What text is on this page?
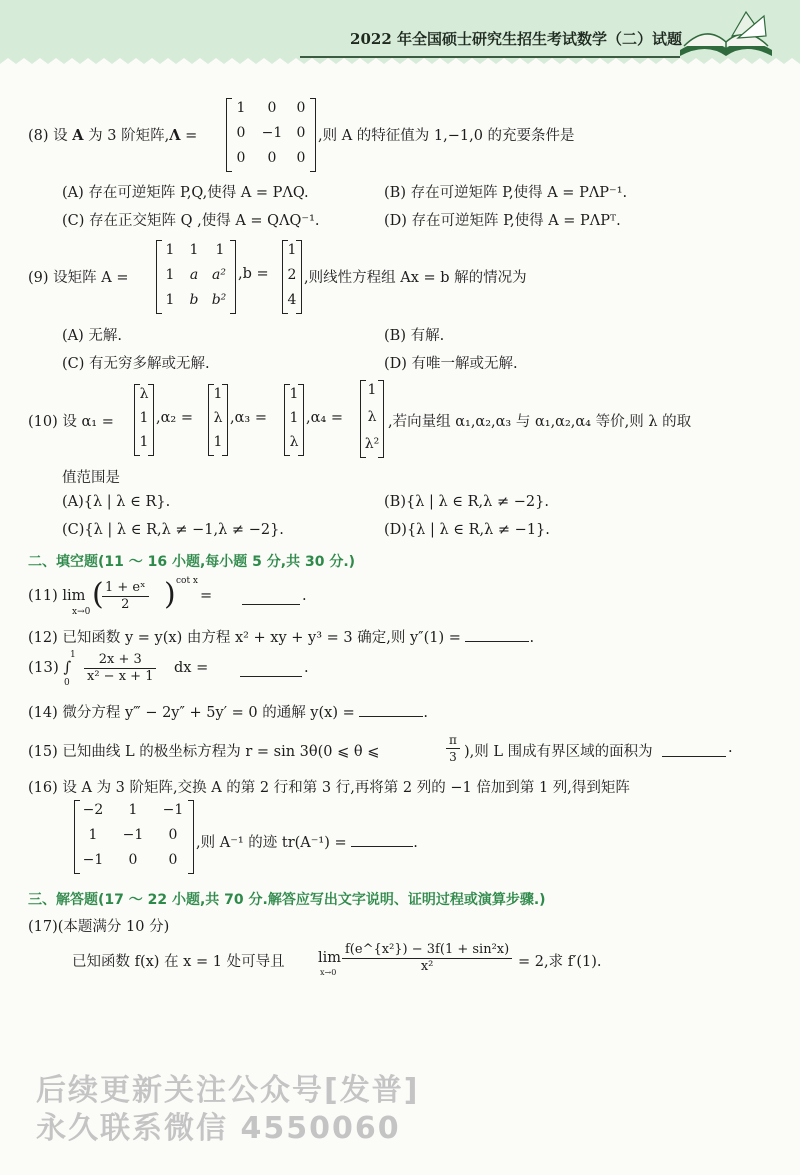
2022 年全国硕士研究生招生考试数学（二）试题
(8) 设 A 为 3 阶矩阵,Λ =
1	0	0
0	−1	0
0	0	0
,则 A 的特征值为 1,−1,0 的充要条件是
(A) 存在可逆矩阵 P,Q,使得 A = PΛQ.	(B) 存在可逆矩阵 P,使得 A = PΛP⁻¹.
(C) 存在正交矩阵 Q ,使得 A = QΛQ⁻¹.	(D) 存在可逆矩阵 P,使得 A = PΛPᵀ.
(9) 设矩阵 A =
1 1	1
1 a a²
1 b b²
,b =
1
2
4
,则线性方程组 Ax = b 解的情况为
(A) 无解.	(B) 有解.
(C) 有无穷多解或无解.	(D) 有唯一解或无解.
(10) 设 α₁ =
λ
1
1
,α₂ =
1
λ
1
,α₃ =
1
1
λ
,α₄ =
1
λ
λ²
,若向量组 α₁,α₂,α₃ 与 α₁,α₂,α₄ 等价,则 λ 的取
值范围是
(A){λ | λ ∈ R}.	(B){λ | λ ∈ R,λ ≠ −2}.
(C){λ | λ ∈ R,λ ≠ −1,λ ≠ −2}.	(D){λ | λ ∈ R,λ ≠ −1}.
二、填空题(11 ～ 16 小题,每小题 5 分,共 30 分.)
(11) lim
x→0 (
$\frac{\text{1 + eˣ}}{2}$ ) cot x
=	.
(12) 已知函数 y = y(x) 由方程 x² + xy + y³ = 3 确定,则 y″(1) =	.
(13) ∫
1
$0 \frac{2x + 3}{\text{x² − x + 1}}$ dx =	.
(14) 微分方程 y‴ − 2y″ + 5y′ = 0 的通解 y(x) =	.
(15) 已知曲线 L 的极坐标方程为 r = sin 3θ(0 ⩽ θ ⩽	$\frac{\pi}{3}$ ),则 L 围成有界区域的面积为	.
(16) 设 A 为 3 阶矩阵,交换 A 的第 2 行和第 3 行,再将第 2 列的 −1 倍加到第 1 列,得到矩阵
−2	1	−1
1	−1	0
−1	0	0
,则 A⁻¹ 的迹 tr(A⁻¹) =	.
三、解答题(17 ～ 22 小题,共 70 分.解答应写出文字说明、证明过程或演算步骤.)
(17)(本题满分 10 分)
已知函数 f(x) 在 x = 1 处可导且 lim
$x\to 0 \frac{\text{f(e\textasciicircum{}\{x²\}) − 3f(1 + sin²x)}}{\text{x²}} = 2$,求 f′(1).
后续更新关注公众号[发普]
永久联系微信 4550060
